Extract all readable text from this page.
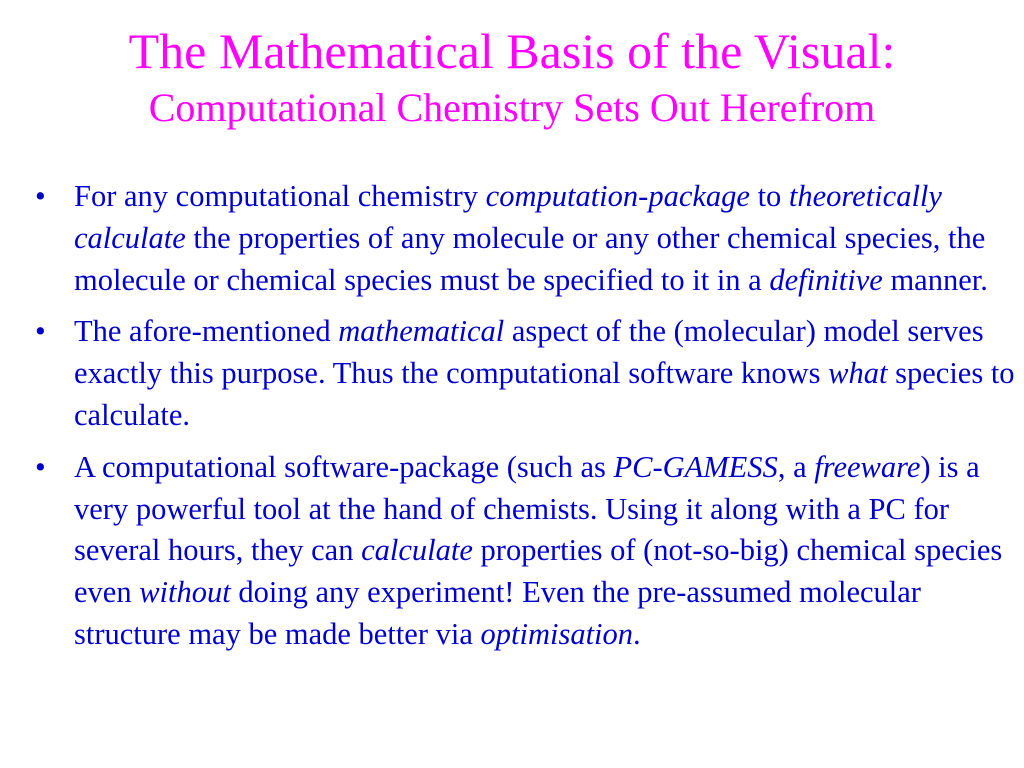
The Mathematical Basis of the Visual:
Computational Chemistry Sets Out Herefrom
• For any computational chemistry computation-package to theoretically calculate the properties of any molecule or any other chemical species, the molecule or chemical species must be specified to it in a definitive manner.
• The afore-mentioned mathematical aspect of the (molecular) model serves exactly this purpose. Thus the computational software knows what species to calculate.
• A computational software-package (such as PC-GAMESS, a freeware) is a very powerful tool at the hand of chemists. Using it along with a PC for several hours, they can calculate properties of (not-so-big) chemical species even without doing any experiment! Even the pre-assumed molecular structure may be made better via optimisation.
